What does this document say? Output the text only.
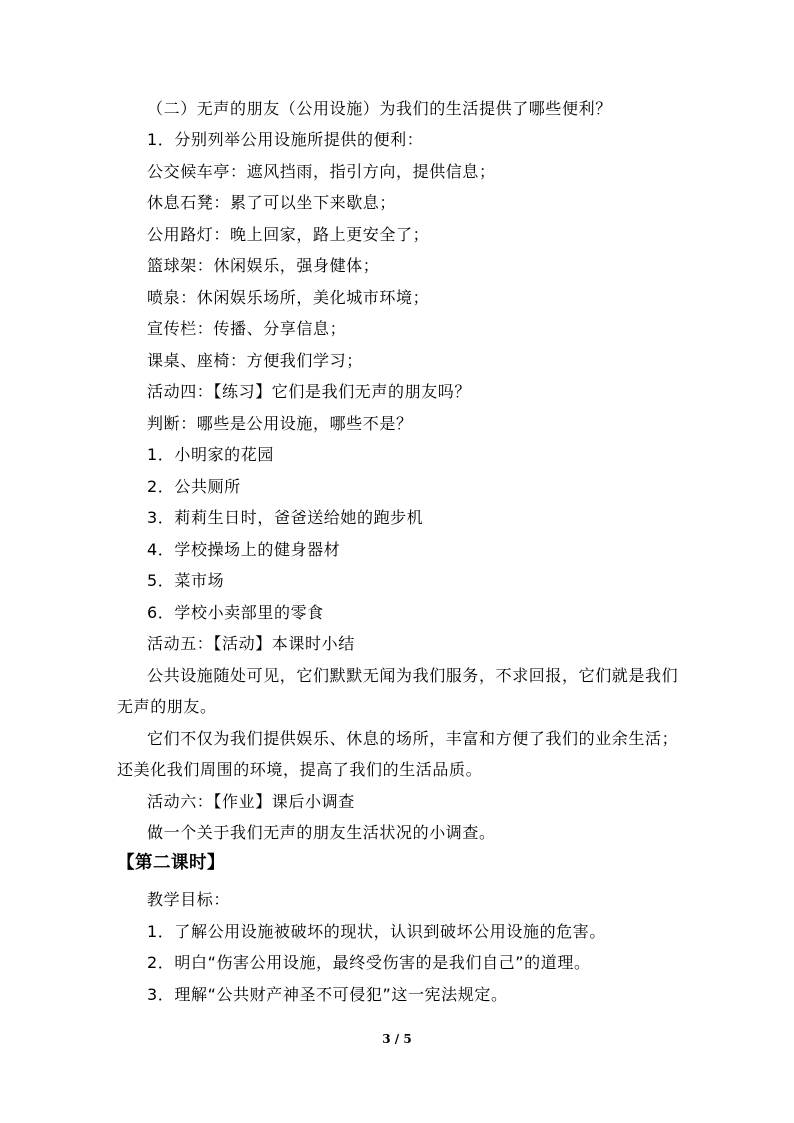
（二）无声的朋友（公用设施）为我们的生活提供了哪些便利？
1．分别列举公用设施所提供的便利：
公交候车亭：遮风挡雨，指引方向，提供信息；
休息石凳：累了可以坐下来歇息；
公用路灯：晚上回家，路上更安全了；
篮球架：休闲娱乐，强身健体；
喷泉：休闲娱乐场所，美化城市环境；
宣传栏：传播、分享信息；
课桌、座椅：方便我们学习；
活动四：【练习】它们是我们无声的朋友吗？
判断：哪些是公用设施，哪些不是？
1．小明家的花园
2．公共厕所
3．莉莉生日时，爸爸送给她的跑步机
4．学校操场上的健身器材
5．菜市场
6．学校小卖部里的零食
活动五：【活动】本课时小结
公共设施随处可见，它们默默无闻为我们服务，不求回报，它们就是我们
无声的朋友。
它们不仅为我们提供娱乐、休息的场所，丰富和方便了我们的业余生活；
还美化我们周围的环境，提高了我们的生活品质。
活动六：【作业】课后小调查
做一个关于我们无声的朋友生活状况的小调查。
【第二课时】
教学目标：
1．了解公用设施被破坏的现状，认识到破坏公用设施的危害。
2．明白“伤害公用设施，最终受伤害的是我们自己”的道理。
3．理解“公共财产神圣不可侵犯”这一宪法规定。
3 / 5
